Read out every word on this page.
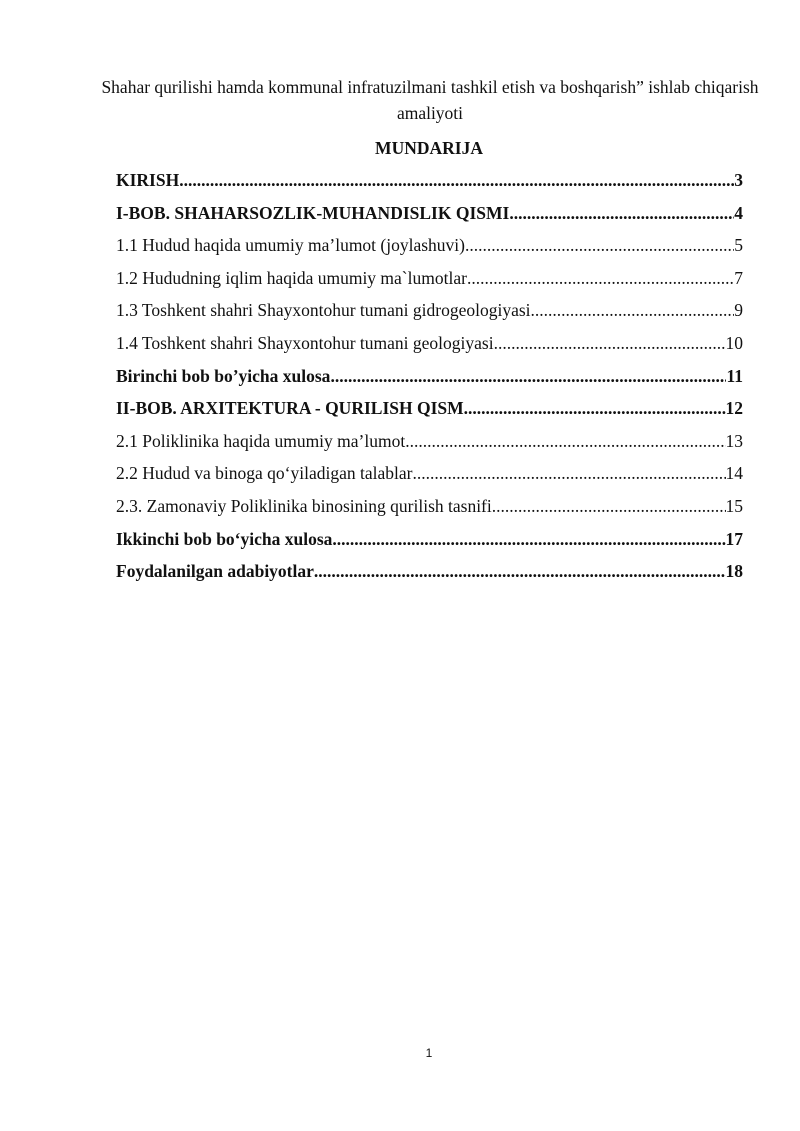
Shahar qurilishi hamda kommunal infratuzilmani tashkil etish va boshqarish” ishlab chiqarish amaliyoti
MUNDARIJA
KIRISH .....	3
I-BOB. SHAHARSOZLIK-MUHANDISLIK QISMI .....	4
1.1 Hudud haqida umumiy ma’lumot (joylashuvi) .....	5
1.2 Hududning iqlim haqida umumiy ma`lumotlar .....	7
1.3 Toshkent shahri Shayxontohur tumani gidrogeologiyasi .....	9
1.4 Toshkent shahri Shayxontohur tumani geologiyasi .....	10
Birinchi bob bo’yicha xulosa .....	11
II-BOB. ARXITEKTURA - QURILISH QISM .....	12
2.1 Poliklinika haqida umumiy ma’lumot .....	13
2.2 Hudud va binoga qo‘yiladigan talablar .....	14
2.3. Zamonaviy Poliklinika binosining qurilish tasnifi .....	15
Ikkinchi bob bo‘yicha xulosa .....	17
Foydalanilgan adabiyotlar .....	18
1
